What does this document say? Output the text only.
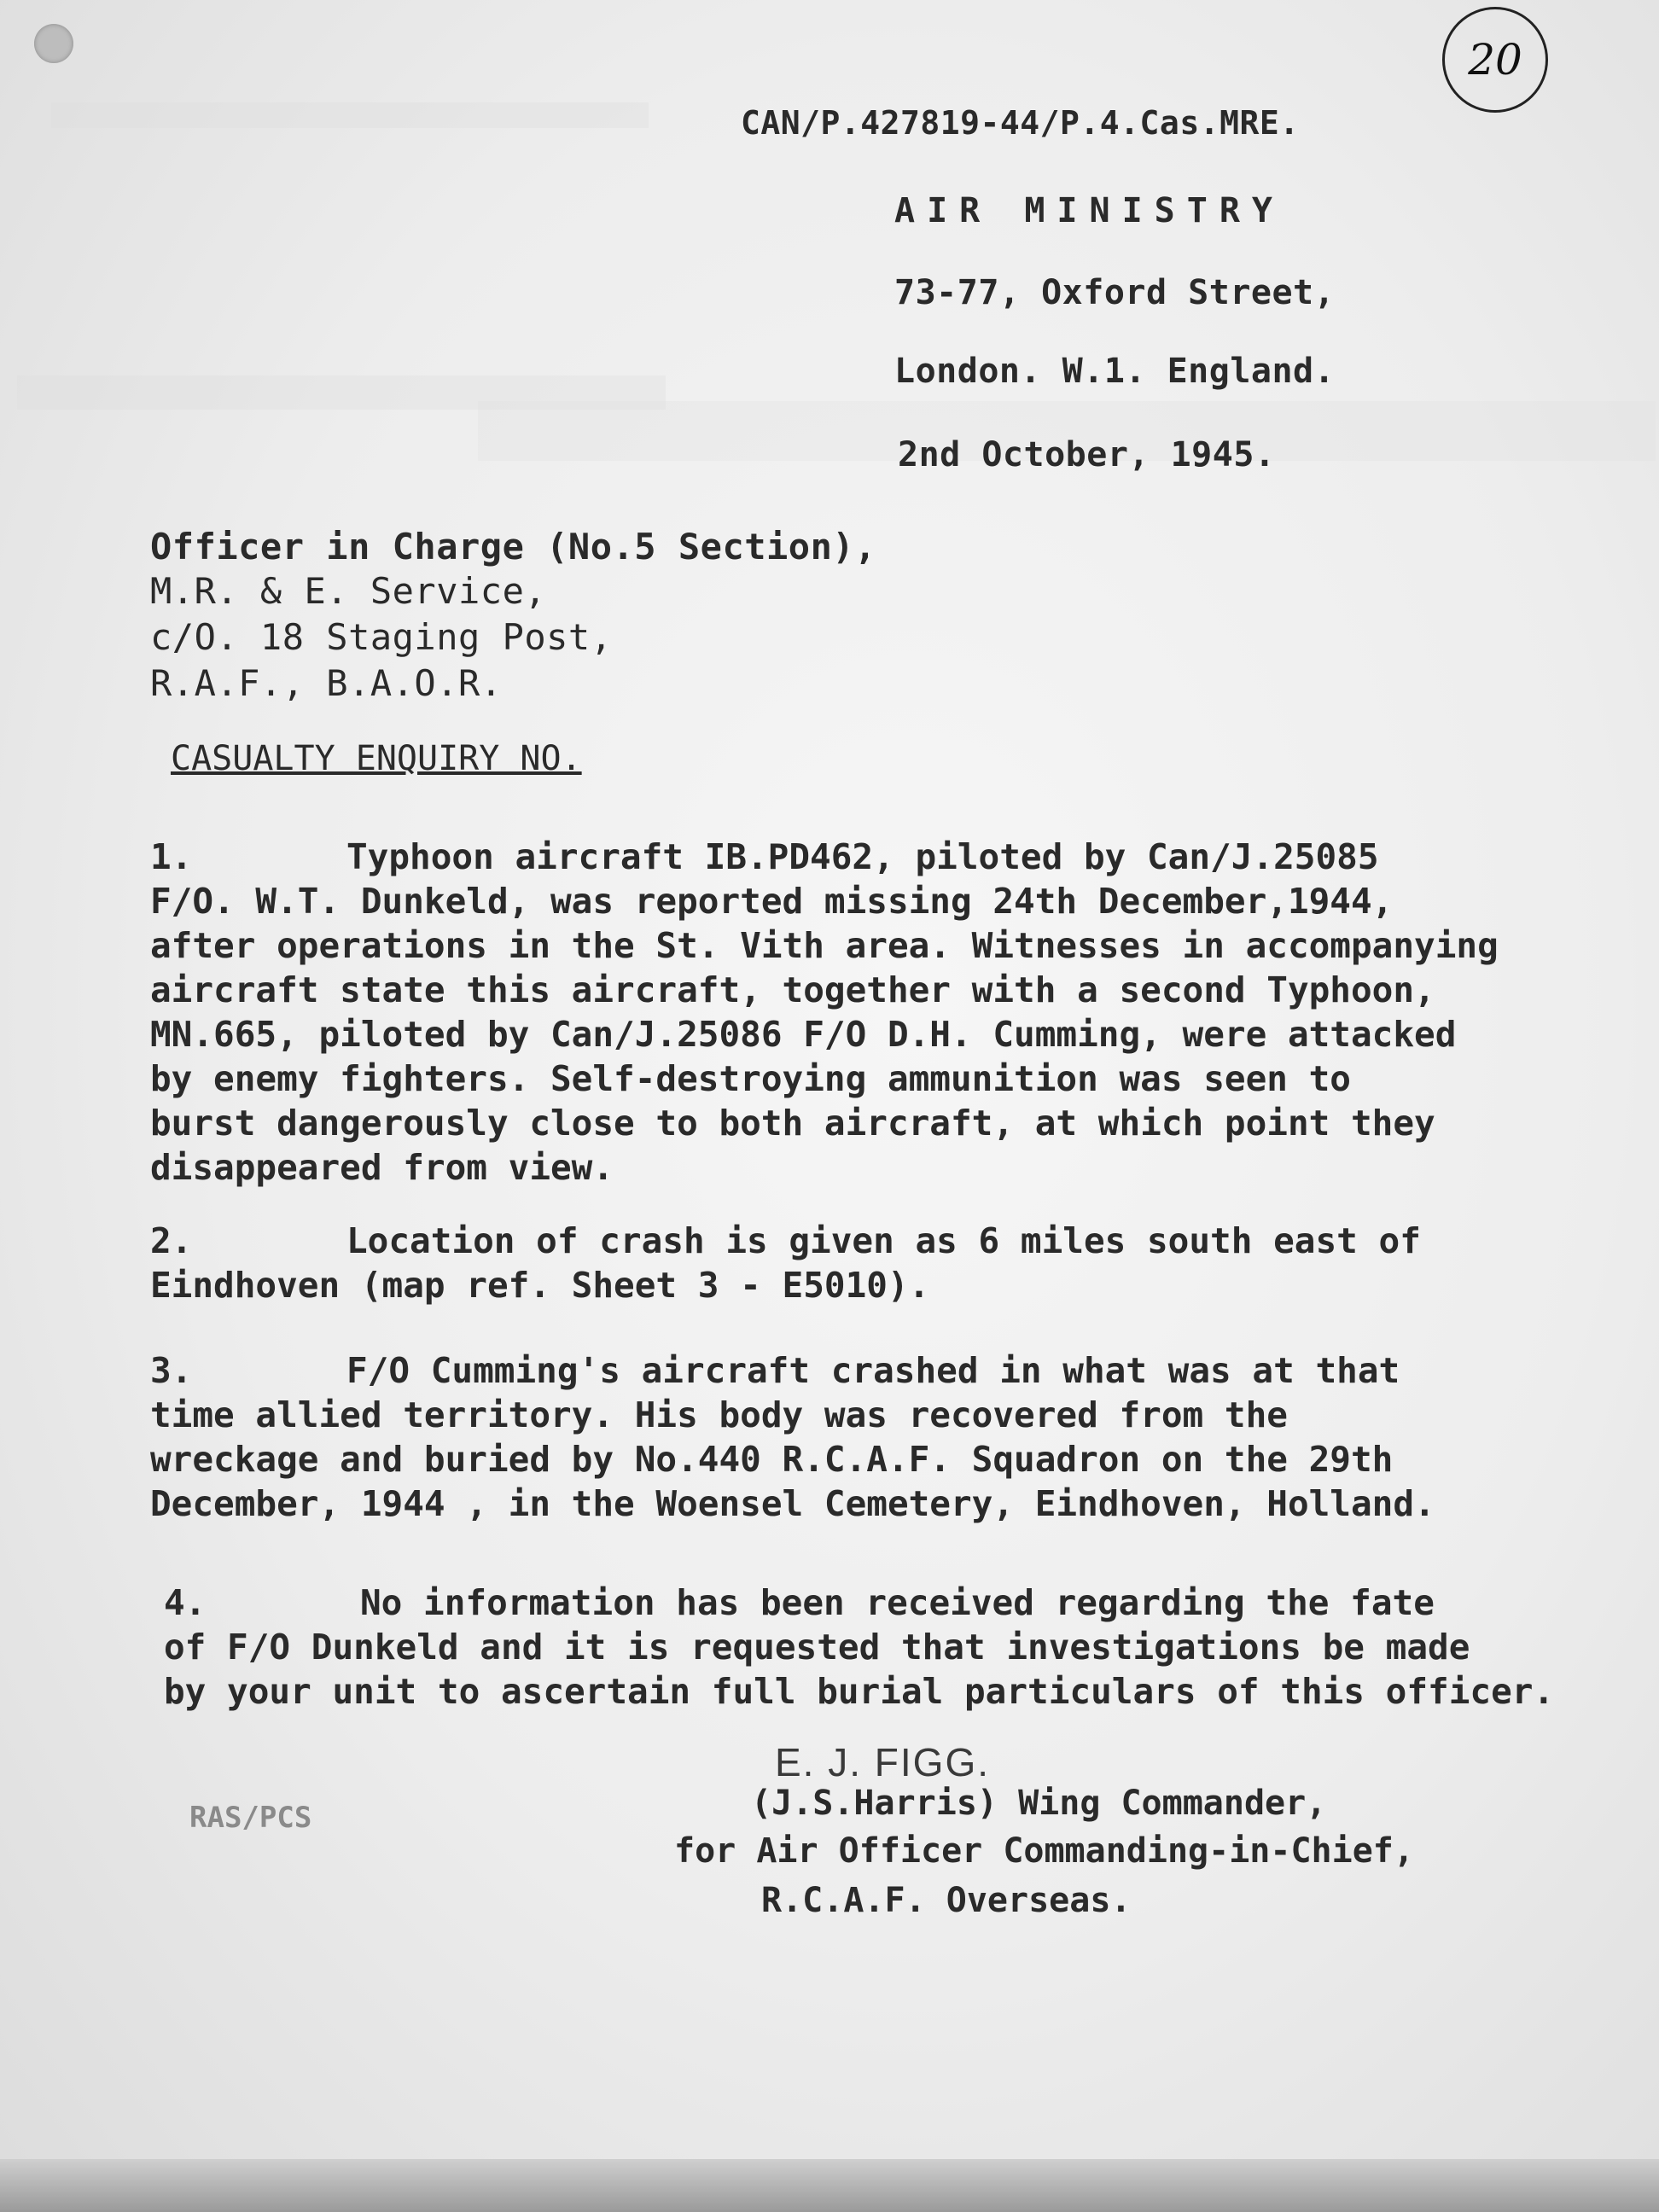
20
CAN/P.427819-44/P.4.Cas.MRE.
AIR MINISTRY
73-77, Oxford Street,
London. W.1. England.
2nd October, 1945.
Officer in Charge (No.5 Section),
M.R. & E. Service,
c/O. 18 Staging Post,
R.A.F., B.A.O.R.
CASUALTY ENQUIRY NO.
1.	Typhoon aircraft IB.PD462, piloted by Can/J.25085
F/O. W.T. Dunkeld, was reported missing 24th December,1944,
after operations in the St. Vith area. Witnesses in accompanying
aircraft state this aircraft, together with a second Typhoon,
MN.665, piloted by Can/J.25086 F/O D.H. Cumming, were attacked
by enemy fighters. Self-destroying ammunition was seen to
burst dangerously close to both aircraft, at which point they
disappeared from view.
2.	Location of crash is given as 6 miles south east of
Eindhoven (map ref. Sheet 3 - E5010).
3.	F/O Cumming's aircraft crashed in what was at that
time allied territory. His body was recovered from the
wreckage and buried by No.440 R.C.A.F. Squadron on the 29th
December, 1944 , in the Woensel Cemetery, Eindhoven, Holland.
4.	No information has been received regarding the fate
of F/O Dunkeld and it is requested that investigations be made
by your unit to ascertain full burial particulars of this officer.
E. J. FIGG.
RAS/PCS	(J.S.Harris) Wing Commander,
for Air Officer Commanding-in-Chief,
R.C.A.F. Overseas.
